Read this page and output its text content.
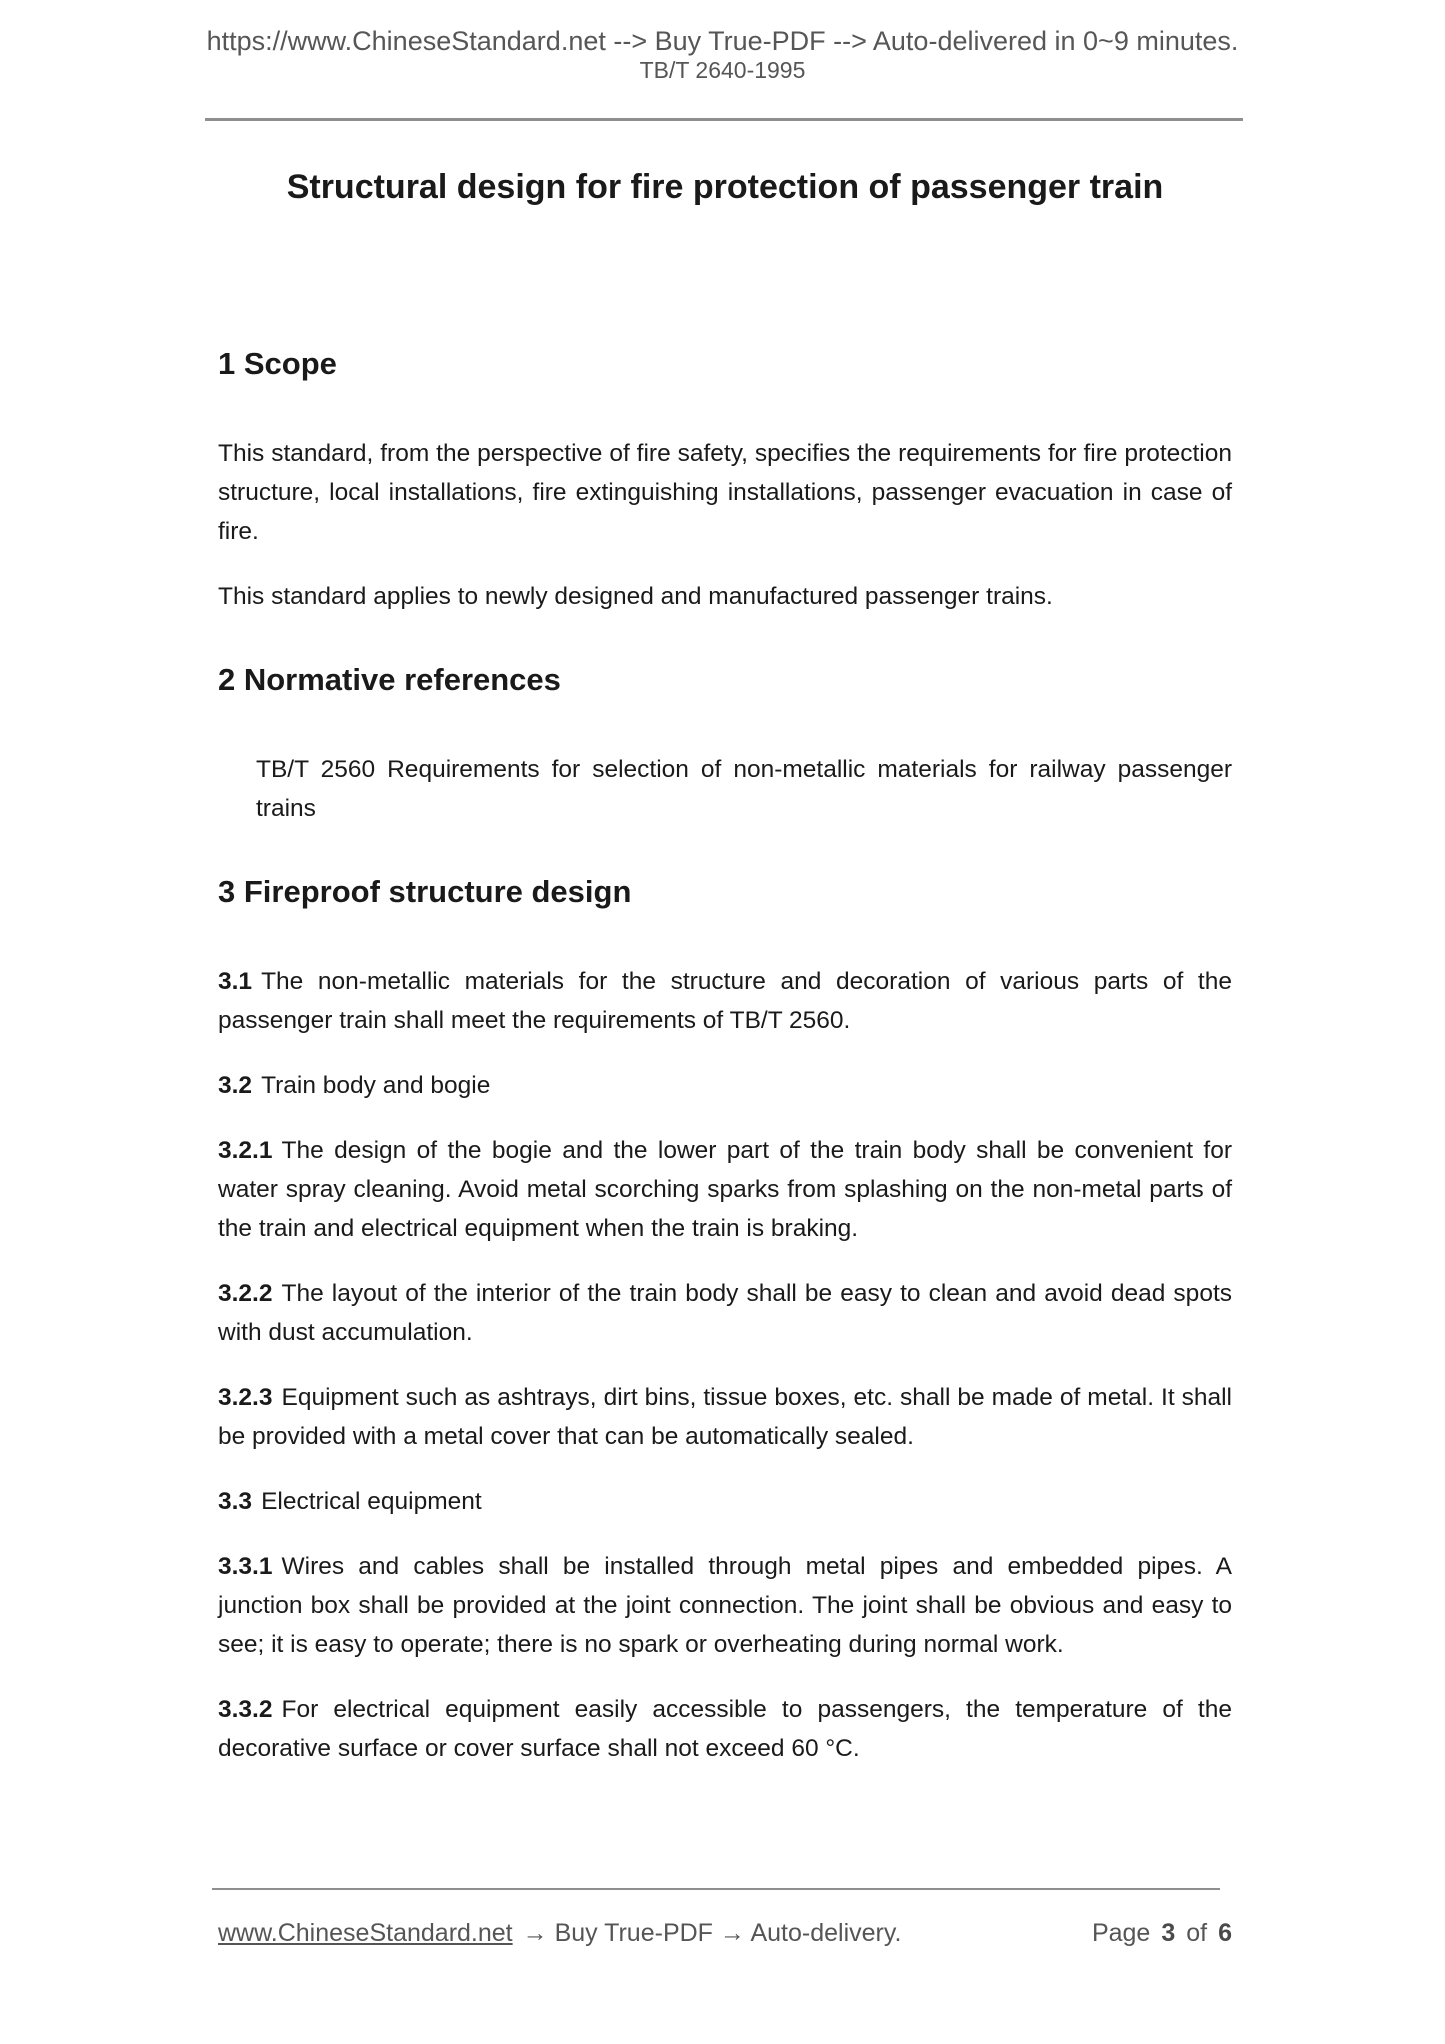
https://www.ChineseStandard.net --> Buy True-PDF --> Auto-delivered in 0~9 minutes.
TB/T 2640-1995
Structural design for fire protection of passenger train
1 Scope

This standard, from the perspective of fire safety, specifies the requirements for fire protection structure, local installations, fire extinguishing installations, passenger evacuation in case of fire.

This standard applies to newly designed and manufactured passenger trains.

2 Normative references

TB/T 2560 Requirements for selection of non-metallic materials for railway passenger trains

3 Fireproof structure design

3.1 The non-metallic materials for the structure and decoration of various parts of the passenger train shall meet the requirements of TB/T 2560.

3.2 Train body and bogie

3.2.1 The design of the bogie and the lower part of the train body shall be convenient for water spray cleaning. Avoid metal scorching sparks from splashing on the non-metal parts of the train and electrical equipment when the train is braking.

3.2.2 The layout of the interior of the train body shall be easy to clean and avoid dead spots with dust accumulation.

3.2.3 Equipment such as ashtrays, dirt bins, tissue boxes, etc. shall be made of metal. It shall be provided with a metal cover that can be automatically sealed.

3.3 Electrical equipment

3.3.1 Wires and cables shall be installed through metal pipes and embedded pipes. A junction box shall be provided at the joint connection. The joint shall be obvious and easy to see; it is easy to operate; there is no spark or overheating during normal work.

3.3.2 For electrical equipment easily accessible to passengers, the temperature of the decorative surface or cover surface shall not exceed 60 °C.

www.ChineseStandard.net → Buy True-PDF → Auto-delivery.	Page 3 of 6
